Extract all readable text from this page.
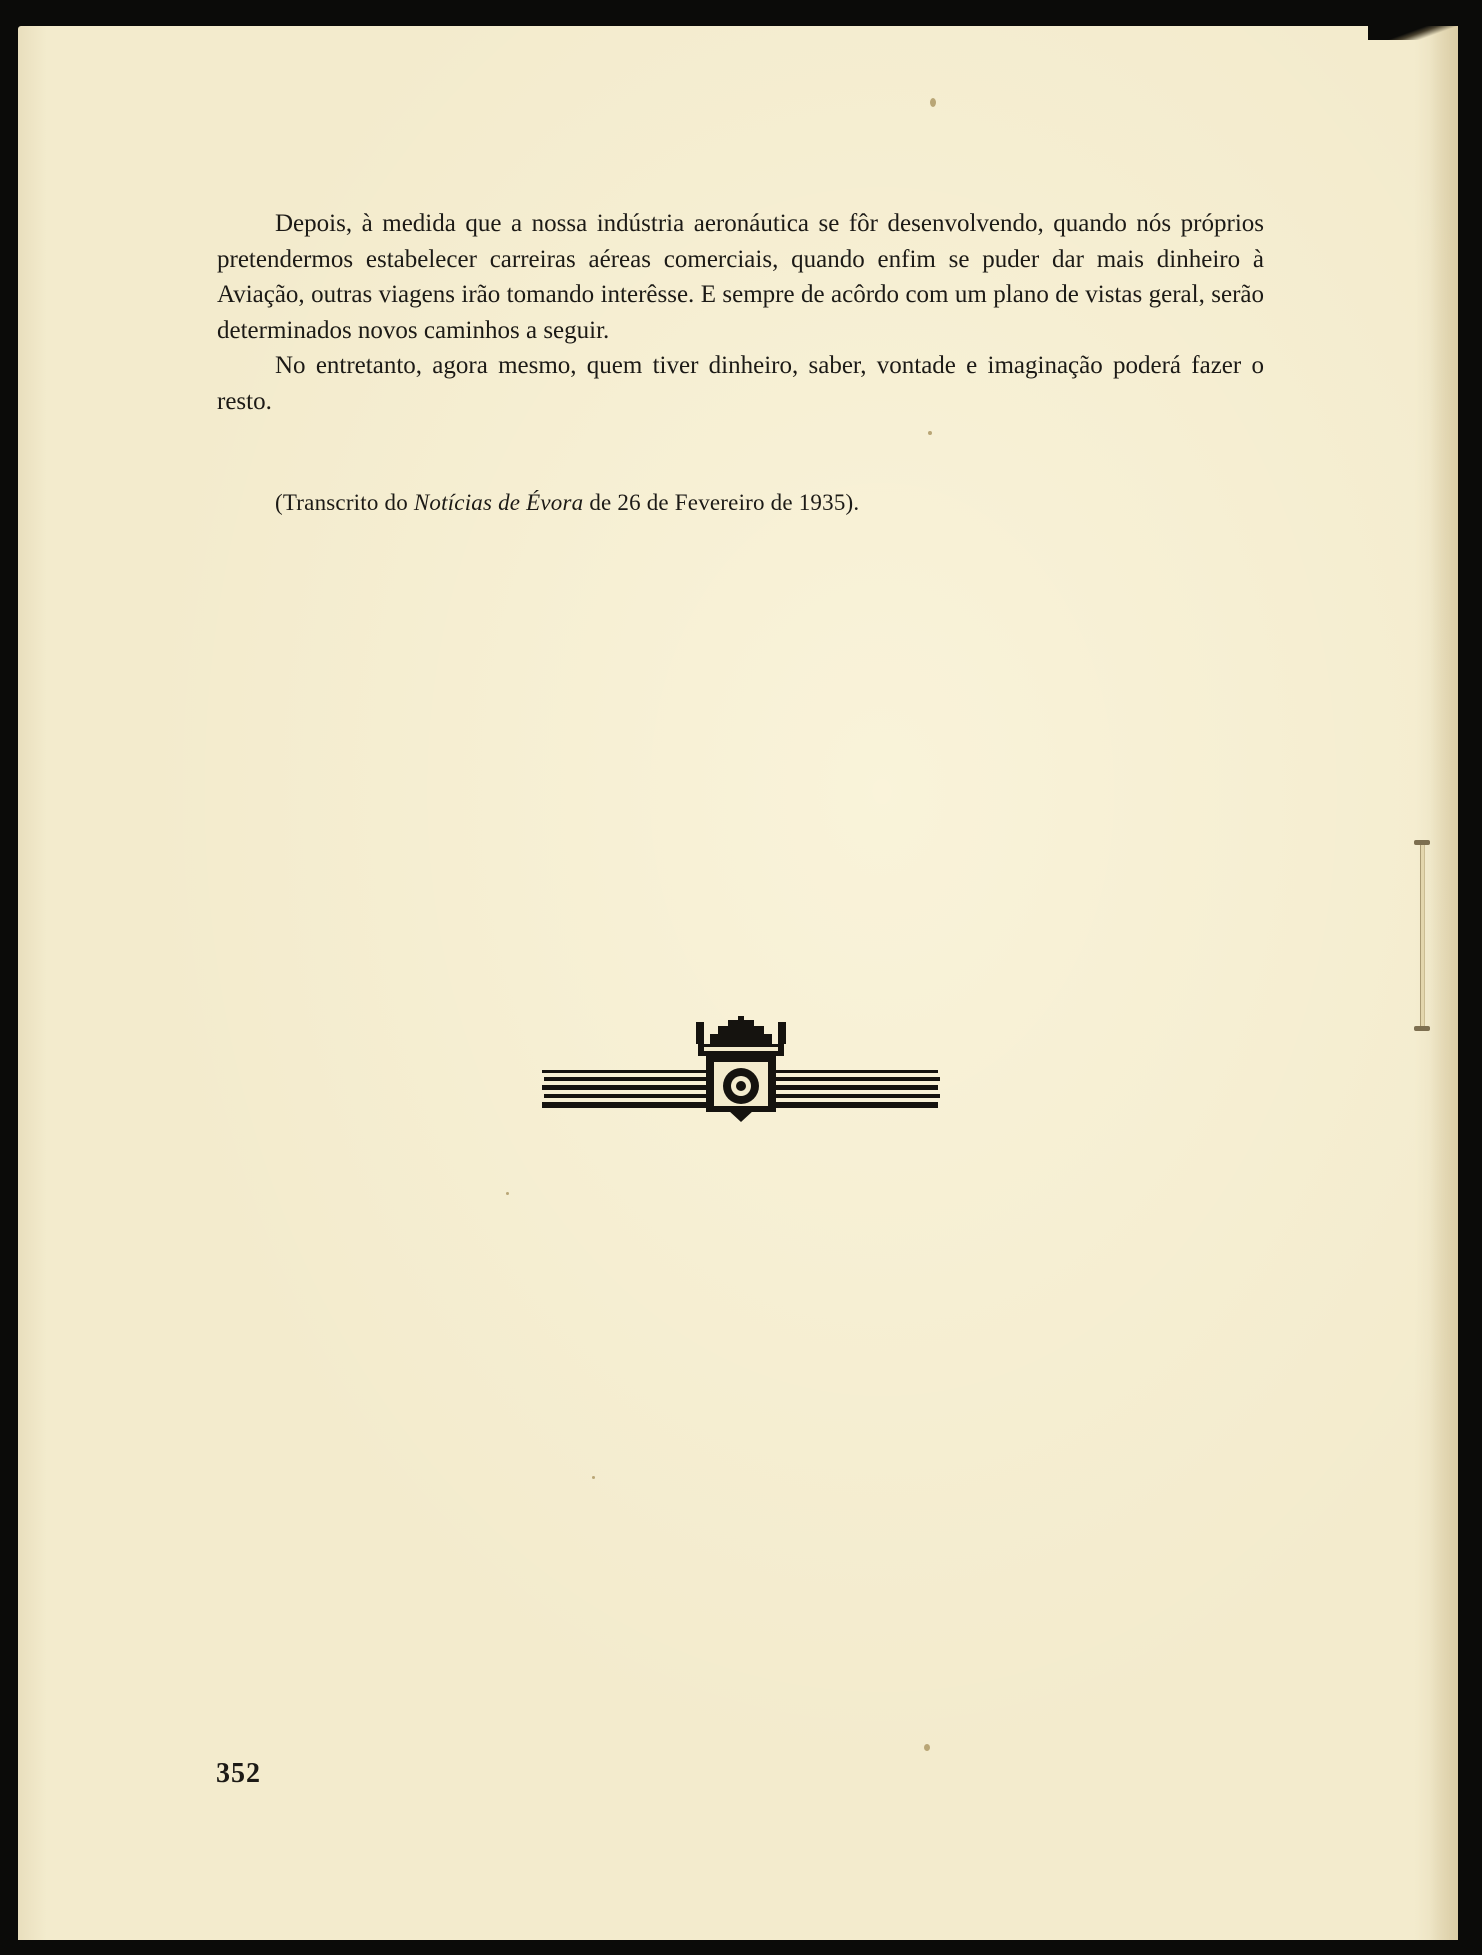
Depois, à medida que a nossa indústria aeronáutica se fôr desenvolvendo, quando nós próprios pretendermos estabelecer carreiras aéreas comerciais, quando enfim se puder dar mais dinheiro à Aviação, outras viagens irão tomando interêsse. E sempre de acôrdo com um plano de vistas geral, serão determinados novos caminhos a seguir.

No entretanto, agora mesmo, quem tiver dinheiro, saber, vontade e imaginação poderá fazer o resto.

(Transcrito do Notícias de Évora de 26 de Fevereiro de 1935).
352
